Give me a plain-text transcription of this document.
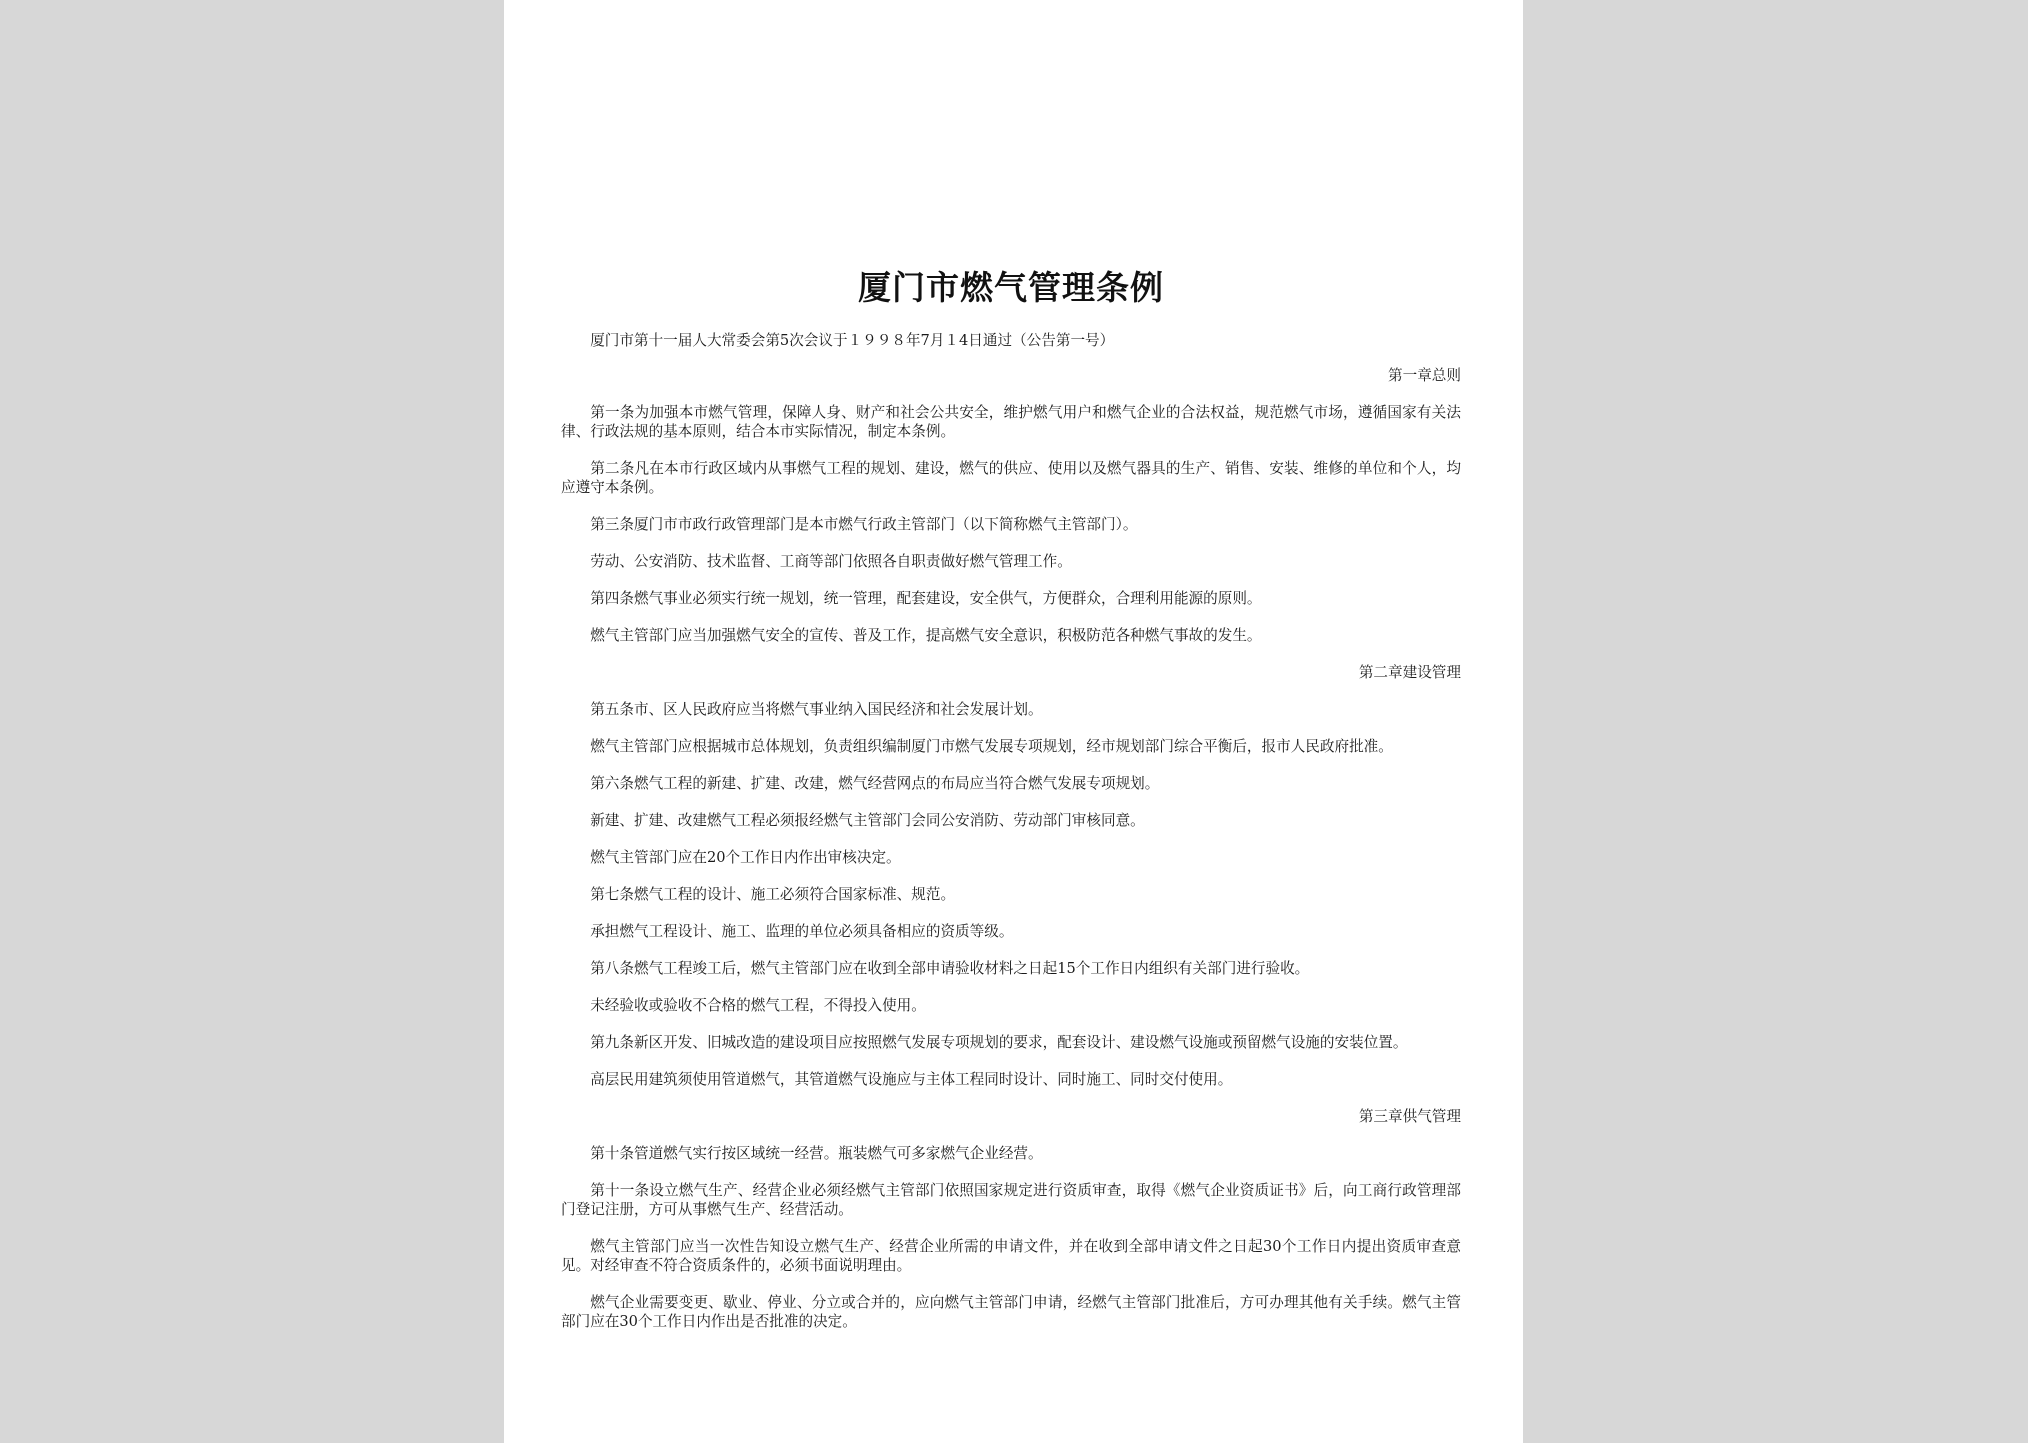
厦门市燃气管理条例

厦门市第十一届人大常委会第5次会议于１９９８年7月１4日通过（公告第一号）

第一章总则

第一条为加强本市燃气管理，保障人身、财产和社会公共安全，维护燃气用户和燃气企业的合法权益，规范燃气市场，遵循国家有关法律、行政法规的基本原则，结合本市实际情况，制定本条例。

第二条凡在本市行政区域内从事燃气工程的规划、建设，燃气的供应、使用以及燃气器具的生产、销售、安装、维修的单位和个人，均应遵守本条例。

第三条厦门市市政行政管理部门是本市燃气行政主管部门（以下简称燃气主管部门）。

劳动、公安消防、技术监督、工商等部门依照各自职责做好燃气管理工作。

第四条燃气事业必须实行统一规划，统一管理，配套建设，安全供气，方便群众，合理利用能源的原则。

燃气主管部门应当加强燃气安全的宣传、普及工作，提高燃气安全意识，积极防范各种燃气事故的发生。

第二章建设管理

第五条市、区人民政府应当将燃气事业纳入国民经济和社会发展计划。

燃气主管部门应根据城市总体规划，负责组织编制厦门市燃气发展专项规划，经市规划部门综合平衡后，报市人民政府批准。

第六条燃气工程的新建、扩建、改建，燃气经营网点的布局应当符合燃气发展专项规划。

新建、扩建、改建燃气工程必须报经燃气主管部门会同公安消防、劳动部门审核同意。

燃气主管部门应在20个工作日内作出审核决定。

第七条燃气工程的设计、施工必须符合国家标准、规范。

承担燃气工程设计、施工、监理的单位必须具备相应的资质等级。

第八条燃气工程竣工后，燃气主管部门应在收到全部申请验收材料之日起15个工作日内组织有关部门进行验收。

未经验收或验收不合格的燃气工程，不得投入使用。

第九条新区开发、旧城改造的建设项目应按照燃气发展专项规划的要求，配套设计、建设燃气设施或预留燃气设施的安装位置。

高层民用建筑须使用管道燃气，其管道燃气设施应与主体工程同时设计、同时施工、同时交付使用。

第三章供气管理

第十条管道燃气实行按区域统一经营。瓶装燃气可多家燃气企业经营。

第十一条设立燃气生产、经营企业必须经燃气主管部门依照国家规定进行资质审查，取得《燃气企业资质证书》后，向工商行政管理部门登记注册，方可从事燃气生产、经营活动。

燃气主管部门应当一次性告知设立燃气生产、经营企业所需的申请文件，并在收到全部申请文件之日起30个工作日内提出资质审查意见。对经审查不符合资质条件的，必须书面说明理由。

燃气企业需要变更、歇业、停业、分立或合并的，应向燃气主管部门申请，经燃气主管部门批准后，方可办理其他有关手续。燃气主管部门应在30个工作日内作出是否批准的决定。
